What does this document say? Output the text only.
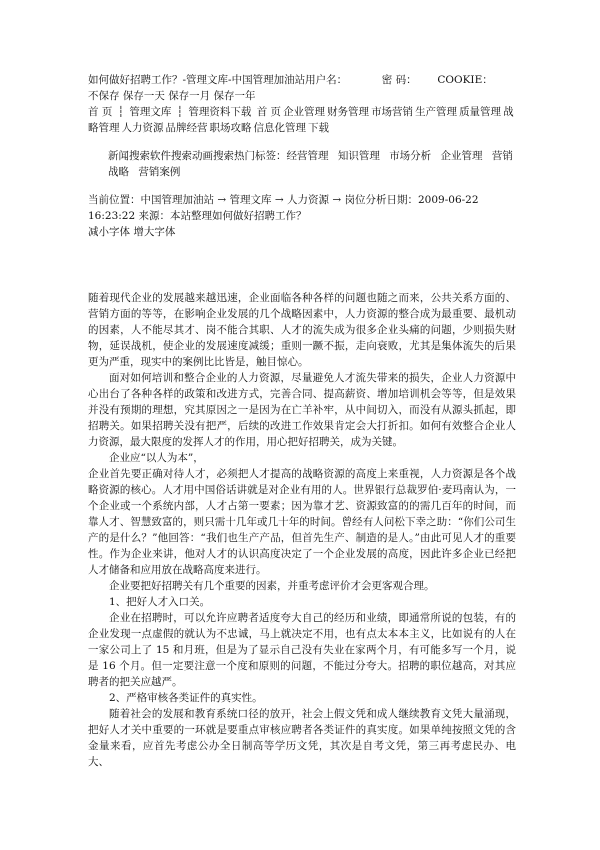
如何做好招聘工作？-管理文库-中国管理加油站用户名：	密 码： COOKIE：  不保存 保存一天 保存一月 保存一年
首 页 ┆ 管理文库 ┆ 管理资料下载 首 页 企业管理 财务管理 市场营销 生产管理 质量管理 战略管理 人力资源 品牌经营 职场攻略 信息化管理 下载
新闻搜索软件搜索动画搜索热门标签：经营管理 知识管理 市场分析 企业管理 营销战略 营销案例
当前位置：中国管理加油站 → 管理文库 → 人力资源 → 岗位分析日期：2009-06-22 16:23:22 来源：本站整理如何做好招聘工作？
减小字体 增大字体

随着现代企业的发展越来越迅速，企业面临各种各样的问题也随之而来，公共关系方面的、营销方面的等等，在影响企业发展的几个战略因素中，人力资源的整合成为最重要、最机动的因素，人不能尽其才、岗不能合其职、人才的流失成为很多企业头痛的问题，少则损失财物，延误战机，使企业的发展速度减缓；重则一蹶不振，走向衰败，尤其是集体流失的后果更为严重，现实中的案例比比皆是，触目惊心。

面对如何培训和整合企业的人力资源，尽量避免人才流失带来的损失，企业人力资源中心出台了各种各样的政策和改进方式，完善合同、提高薪资、增加培训机会等等，但是效果并没有预期的理想，究其原因之一是因为在亡羊补牢，从中间切入，而没有从源头抓起，即招聘关。如果招聘关没有把严，后续的改进工作效果肯定会大打折扣。如何有效整合企业人力资源，最大限度的发挥人才的作用，用心把好招聘关，成为关键。

企业应“以人为本”，

企业首先要正确对待人才，必须把人才提高的战略资源的高度上来重视，人力资源是各个战略资源的核心。人才用中国俗话讲就是对企业有用的人。世界银行总裁罗伯·麦玛南认为，一个企业或一个系统内部，人才占第一要素；因为靠才艺、资源致富的的需几百年的时间，而靠人才、智慧致富的，则只需十几年或几十年的时间。曾经有人问松下幸之助：“你们公司生产的是什么？”他回答：“我们也生产产品，但首先生产、制造的是人。”由此可见人才的重要性。作为企业来讲，他对人才的认识高度决定了一个企业发展的高度，因此许多企业已经把人才储备和应用放在战略高度来进行。

企业要把好招聘关有几个重要的因素，并重考虑评价才会更客观合理。

1、把好人才入口关。

企业在招聘时，可以允许应聘者适度夸大自己的经历和业绩，即通常所说的包装，有的企业发现一点虚假的就认为不忠诚，马上就决定不用，也有点太本本主义，比如说有的人在一家公司上了 15 和月班，但是为了显示自己没有失业在家两个月，有可能多写一个月，说是 16 个月。但一定要注意一个度和原则的问题，不能过分夸大。招聘的职位越高，对其应聘者的把关应越严。

2、严格审核各类证件的真实性。

随着社会的发展和教育系统口径的放开，社会上假文凭和成人继续教育文凭大量涌现，把好人才关中重要的一环就是要重点审核应聘者各类证件的真实度。如果单纯按照文凭的含金量来看，应首先考虑公办全日制高等学历文凭，其次是自考文凭，第三再考虑民办、电大、
